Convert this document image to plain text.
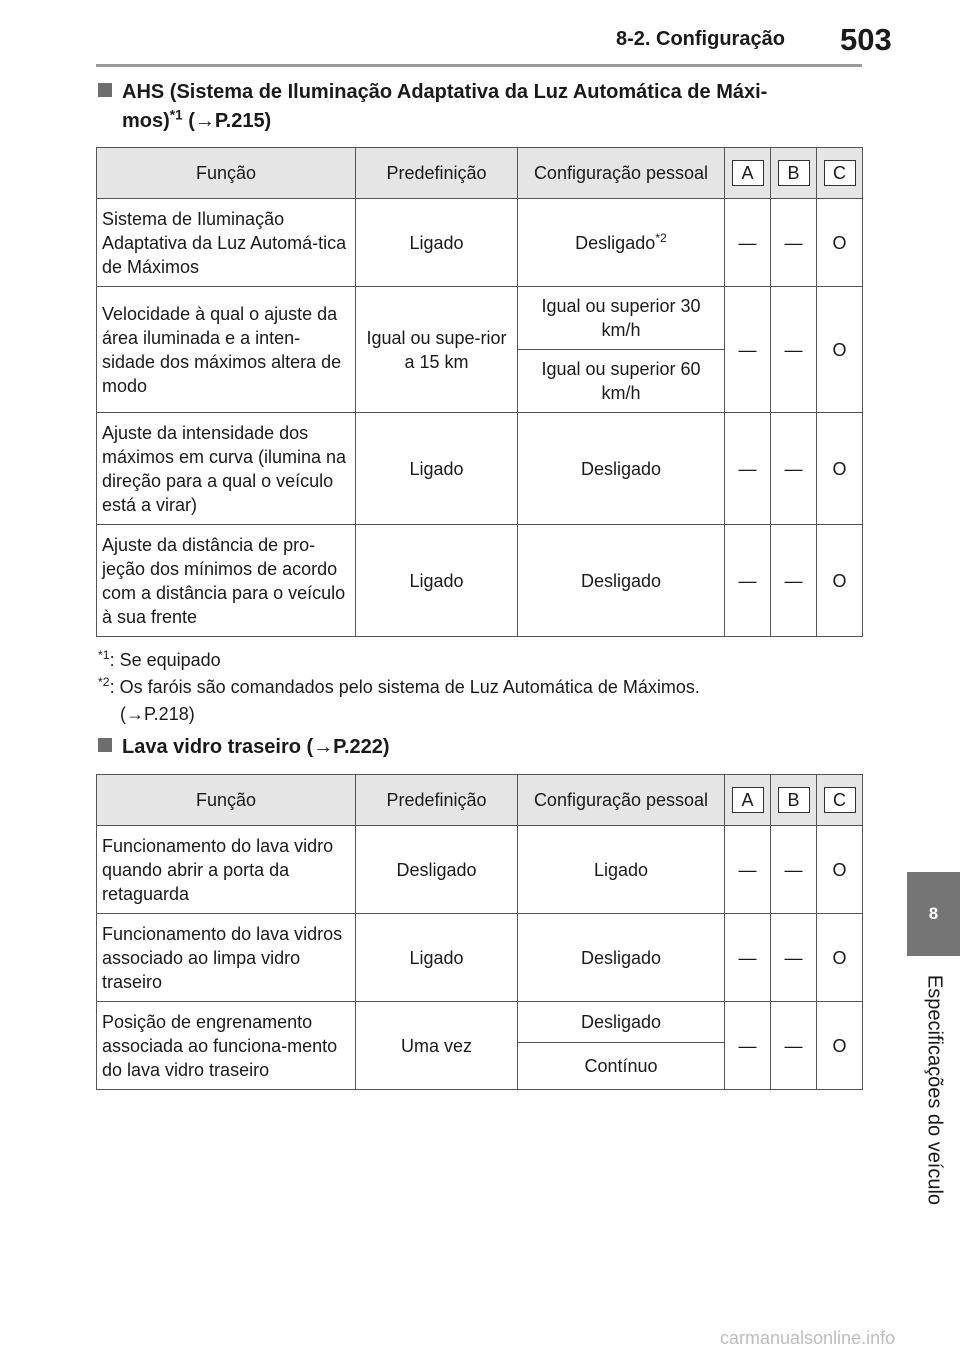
8-2. Configuração 503
8
Especificações do veículo
AHS (Sistema de Iluminação Adaptativa da Luz Automática de Máxi-
mos)$^{*1}$ (→P.215)
Função	Predefinição	Configuração pessoal	A	B	C
Sistema de Iluminação Adaptativa da Luz Automá-tica de Máximos	Ligado	Desligado$^{*2}$	—	—	O
Velocidade à qual o ajuste da área iluminada e a inten-sidade dos máximos altera de modo	Igual ou supe-rior a 15 km	Igual ou superior 30 km/h	—	—	O
		Igual ou superior 60 km/h			
Ajuste da intensidade dos máximos em curva (ilumina na direção para a qual o veículo está a virar)	Ligado	Desligado	—	—	O
Ajuste da distância de pro-jeção dos mínimos de acordo com a distância para o veículo à sua frente	Ligado	Desligado	—	—	O
$^{*1}$: Se equipado
$^{*2}$: Os faróis são comandados pelo sistema de Luz Automática de Máximos.
(→P.218)
Lava vidro traseiro (→P.222)
Função	Predefinição	Configuração pessoal	A	B	C
Funcionamento do lava vidro quando abrir a porta da retaguarda	Desligado	Ligado	—	—	O
Funcionamento do lava vidros associado ao limpa vidro traseiro	Ligado	Desligado	—	—	O
Posição de engrenamento associada ao funciona-mento do lava vidro traseiro	Uma vez	Desligado	—	—	O
		Contínuo			
carmanualsonline.info
